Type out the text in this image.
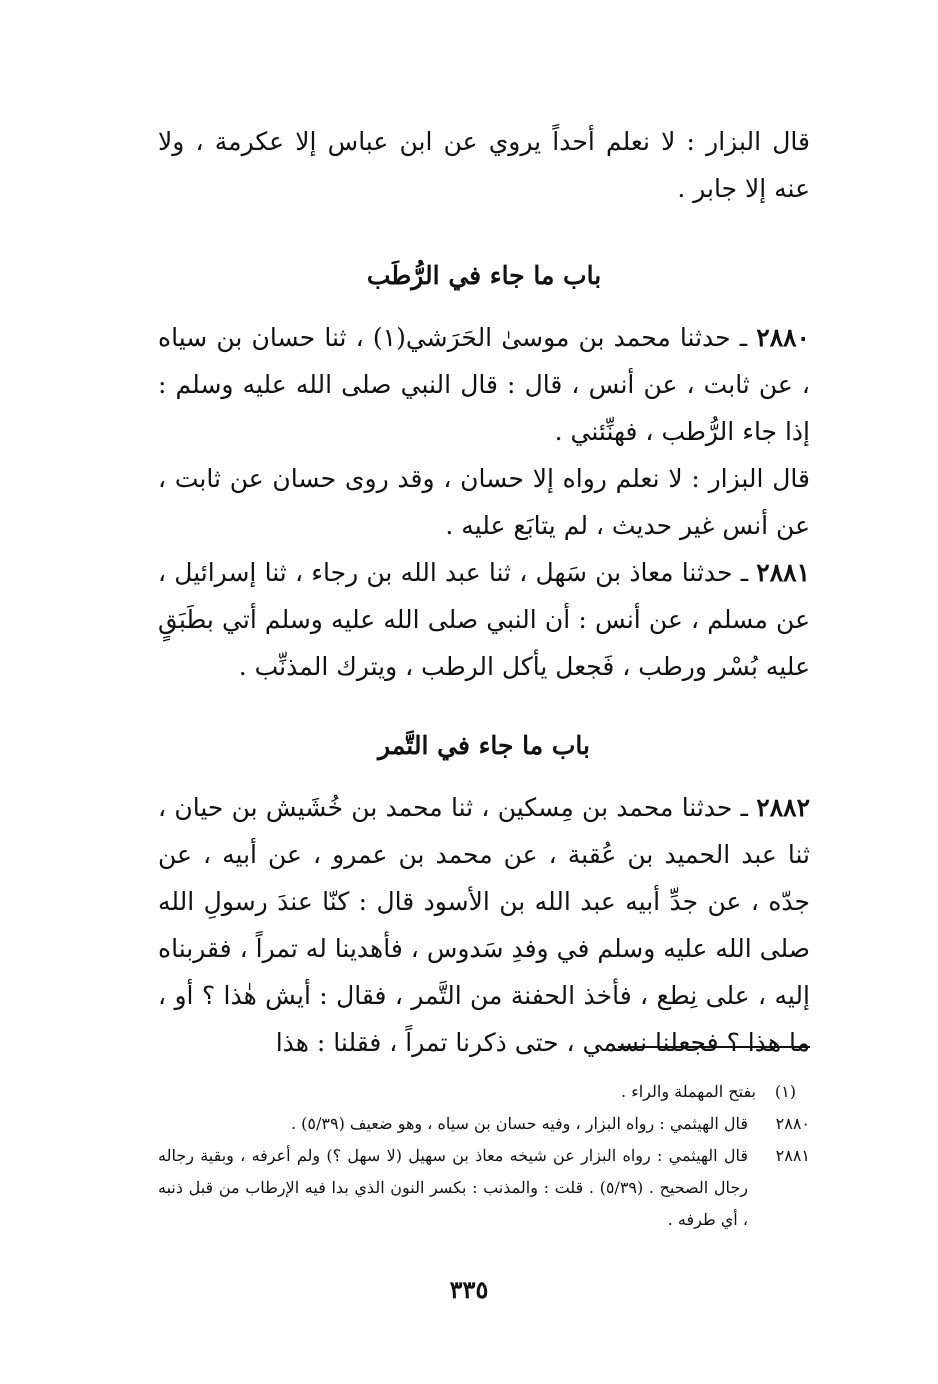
قال البزار : لا نعلم أحداً يروي عن ابن عباس إلا عكرمة ، ولا عنه إلا جابر .

باب ما جاء في الرُّطَب

٢٨٨٠ ـ حدثنا محمد بن موسىٰ الحَرَشي(١) ، ثنا حسان بن سياه ، عن ثابت ، عن أنس ، قال : قال النبي صلى الله عليه وسلم : إذا جاء الرُّطب ، فهنِّئني .

قال البزار : لا نعلم رواه إلا حسان ، وقد روى حسان عن ثابت ، عن أنس غير حديث ، لم يتابَع عليه .

٢٨٨١ ـ حدثنا معاذ بن سَهل ، ثنا عبد الله بن رجاء ، ثنا إسرائيل ، عن مسلم ، عن أنس : أن النبي صلى الله عليه وسلم أتي بطَبَقٍ عليه بُسْر ورطب ، فَجعل يأكل الرطب ، ويترك المذنِّب .

باب ما جاء في التَّمر

٢٨٨٢ ـ حدثنا محمد بن مِسكين ، ثنا محمد بن خُشَيش بن حيان ، ثنا عبد الحميد بن عُقبة ، عن محمد بن عمرو ، عن أبيه ، عن جدّه ، عن جدِّ أبيه عبد الله بن الأسود قال : كنّا عندَ رسولِ الله صلى الله عليه وسلم في وفدِ سَدوس ، فأهدينا له تمراً ، فقربناه إليه ، على نِطع ، فأخذ الحفنة من التَّمر ، فقال : أيش هٰذا ؟ أو ، ما هذا ؟ فجعلنا نسمي ، حتى ذكرنا تمراً ، فقلنا : هذا

(١)
بفتح المهملة والراء .
٢٨٨٠
قال الهيثمي : رواه البزار ، وفيه حسان بن سياه ، وهو ضعيف (٥/٣٩) .
٢٨٨١
قال الهيثمي : رواه البزار عن شيخه معاذ بن سهيل (لا سهل ؟) ولم أعرفه ، وبقية رجاله رجال الصحيح . (٥/٣٩) . قلت : والمذنب : بكسر النون الذي بدا فيه الإرطاب من قبل ذنبه ، أي طرفه .
٣٣٥
